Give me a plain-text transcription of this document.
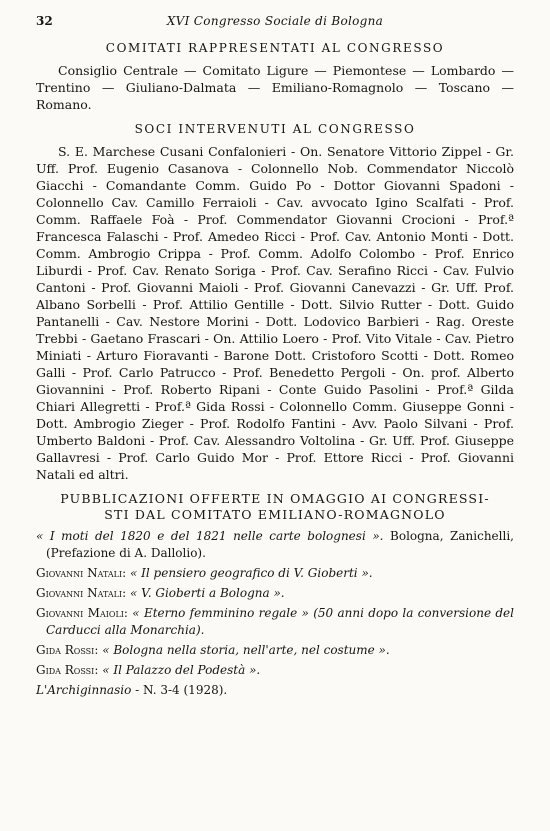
32	XVI Congresso Sociale di Bologna
COMITATI RAPPRESENTATI AL CONGRESSO

Consiglio Centrale — Comitato Ligure — Piemontese — Lombardo — Trentino — Giuliano-Dalmata — Emiliano-Romagnolo — Toscano — Romano.

SOCI INTERVENUTI AL CONGRESSO

S. E. Marchese Cusani Confalonieri - On. Senatore Vittorio Zippel - Gr. Uff. Prof. Eugenio Casanova - Colonnello Nob. Commendator Niccolò Giacchi - Comandante Comm. Guido Po - Dottor Giovanni Spadoni - Colonnello Cav. Camillo Ferraioli - Cav. avvocato Igino Scalfati - Prof. Comm. Raffaele Foà - Prof. Commendator Giovanni Crocioni - Prof.ª Francesca Falaschi - Prof. Amedeo Ricci - Prof. Cav. Antonio Monti - Dott. Comm. Ambrogio Crippa - Prof. Comm. Adolfo Colombo - Prof. Enrico Liburdi - Prof. Cav. Renato Soriga - Prof. Cav. Serafino Ricci - Cav. Fulvio Cantoni - Prof. Giovanni Maioli - Prof. Giovanni Canevazzi - Gr. Uff. Prof. Albano Sorbelli - Prof. Attilio Gentille - Dott. Silvio Rutter - Dott. Guido Pantanelli - Cav. Nestore Morini - Dott. Lodovico Barbieri - Rag. Oreste Trebbi - Gaetano Frascari - On. Attilio Loero - Prof. Vito Vitale - Cav. Pietro Miniati - Arturo Fioravanti - Barone Dott. Cristoforo Scotti - Dott. Romeo Galli - Prof. Carlo Patrucco - Prof. Benedetto Pergoli - On. prof. Alberto Giovannini - Prof. Roberto Ripani - Conte Guido Pasolini - Prof.ª Gilda Chiari Allegretti - Prof.ª Gida Rossi - Colonnello Comm. Giuseppe Gonni - Dott. Ambrogio Zieger - Prof. Rodolfo Fantini - Avv. Paolo Silvani - Prof. Umberto Baldoni - Prof. Cav. Alessandro Voltolina - Gr. Uff. Prof. Giuseppe Gallavresi - Prof. Carlo Guido Mor - Prof. Ettore Ricci - Prof. Giovanni Natali ed altri.

PUBBLICAZIONI OFFERTE IN OMAGGIO AI CONGRESSI-
STI DAL COMITATO EMILIANO-ROMAGNOLO

« I moti del 1820 e del 1821 nelle carte bolognesi ». Bologna, Zanichelli, (Prefazione di A. Dallolio).

Giovanni Natali: « Il pensiero geografico di V. Gioberti ».

Giovanni Natali: « V. Gioberti a Bologna ».

Giovanni Maioli: « Eterno femminino regale » (50 anni dopo la conversione del Carducci alla Monarchia).

Gida Rossi: « Bologna nella storia, nell'arte, nel costume ».

Gida Rossi: « Il Palazzo del Podestà ».

L'Archiginnasio - N. 3-4 (1928).
